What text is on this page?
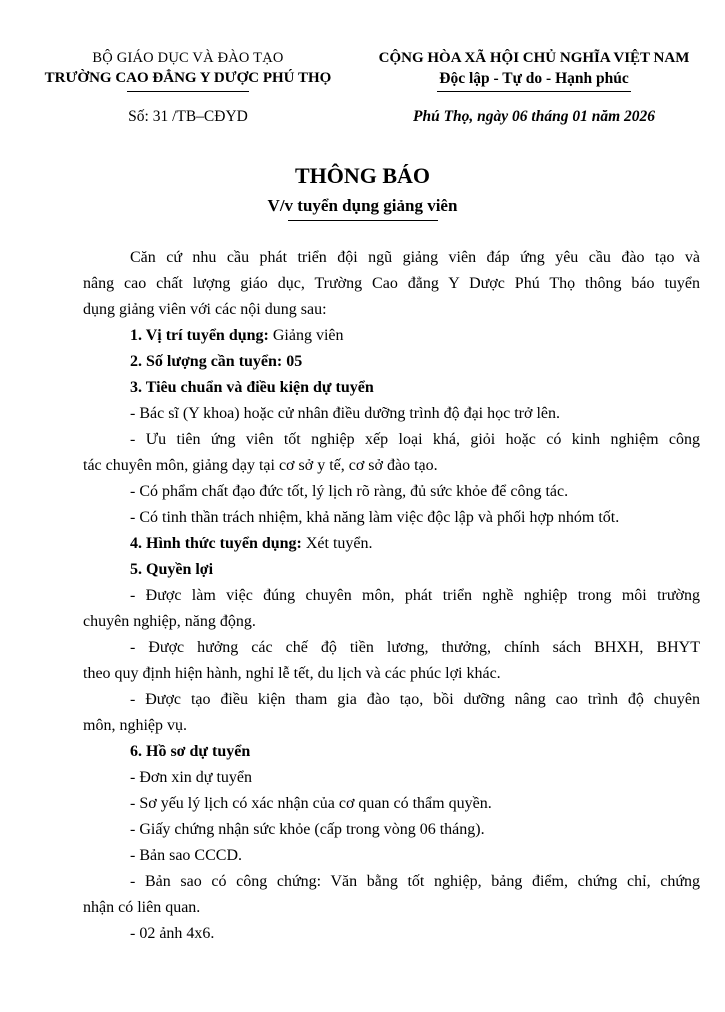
BỘ GIÁO DỤC VÀ ĐÀO TẠO
TRƯỜNG CAO ĐẲNG Y DƯỢC PHÚ THỌ
Số: 31 /TB–CĐYD
CỘNG HÒA XÃ HỘI CHỦ NGHĨA VIỆT NAM
Độc lập - Tự do - Hạnh phúc
Phú Thọ, ngày 06 tháng 01 năm 2026
THÔNG BÁO
V/v tuyển dụng giảng viên
Căn cứ nhu cầu phát triển đội ngũ giảng viên đáp ứng yêu cầu đào tạo và
nâng cao chất lượng giáo dục, Trường Cao đẳng Y Dược Phú Thọ thông báo tuyển
dụng giảng viên với các nội dung sau:
1. Vị trí tuyển dụng: Giảng viên
2. Số lượng cần tuyển: 05
3. Tiêu chuẩn và điều kiện dự tuyển
- Bác sĩ (Y khoa) hoặc cử nhân điều dưỡng trình độ đại học trở lên.
- Ưu tiên ứng viên tốt nghiệp xếp loại khá, giỏi hoặc có kinh nghiệm công
tác chuyên môn, giảng dạy tại cơ sở y tế, cơ sở đào tạo.
- Có phẩm chất đạo đức tốt, lý lịch rõ ràng, đủ sức khỏe để công tác.
- Có tinh thần trách nhiệm, khả năng làm việc độc lập và phối hợp nhóm tốt.
4. Hình thức tuyển dụng: Xét tuyển.
5. Quyền lợi
- Được làm việc đúng chuyên môn, phát triển nghề nghiệp trong môi trường
chuyên nghiệp, năng động.
- Được hưởng các chế độ tiền lương, thưởng, chính sách BHXH, BHYT
theo quy định hiện hành, nghỉ lễ tết, du lịch và các phúc lợi khác.
- Được tạo điều kiện tham gia đào tạo, bồi dưỡng nâng cao trình độ chuyên
môn, nghiệp vụ.
6. Hồ sơ dự tuyển
- Đơn xin dự tuyển
- Sơ yếu lý lịch có xác nhận của cơ quan có thẩm quyền.
- Giấy chứng nhận sức khỏe (cấp trong vòng 06 tháng).
- Bản sao CCCD.
- Bản sao có công chứng: Văn bằng tốt nghiệp, bảng điểm, chứng chỉ, chứng
nhận có liên quan.
- 02 ảnh 4x6.
